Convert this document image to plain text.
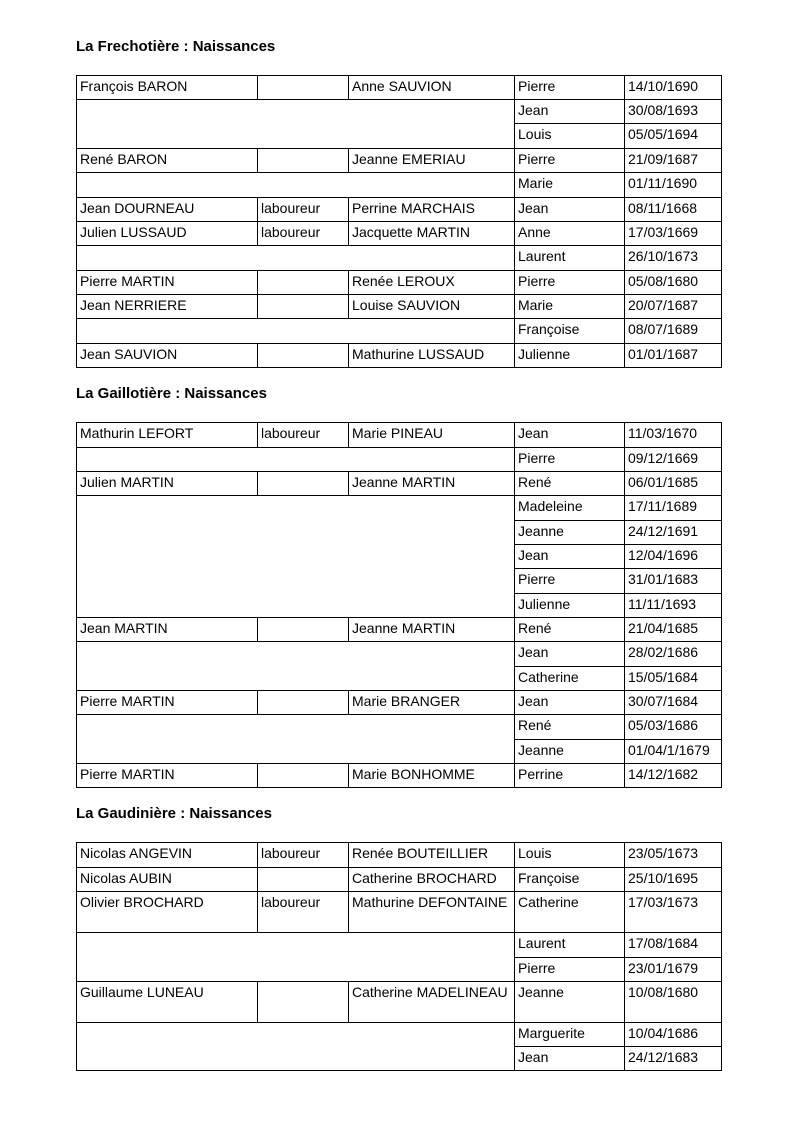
La Frechotière : Naissances
François BARON		Anne SAUVION	Pierre	14/10/1690
			Jean	30/08/1693
			Louis	05/05/1694
René BARON		Jeanne EMERIAU	Pierre	21/09/1687
			Marie	01/11/1690
Jean DOURNEAU	laboureur	Perrine MARCHAIS	Jean	08/11/1668
Julien LUSSAUD	laboureur	Jacquette MARTIN	Anne	17/03/1669
			Laurent	26/10/1673
Pierre MARTIN		Renée LEROUX	Pierre	05/08/1680
Jean NERRIERE		Louise SAUVION	Marie	20/07/1687
			Françoise	08/07/1689
Jean SAUVION		Mathurine LUSSAUD	Julienne	01/01/1687
La Gaillotière : Naissances
Mathurin LEFORT	laboureur	Marie PINEAU	Jean	11/03/1670
			Pierre	09/12/1669
Julien MARTIN		Jeanne MARTIN	René	06/01/1685
			Madeleine	17/11/1689
			Jeanne	24/12/1691
			Jean	12/04/1696
			Pierre	31/01/1683
			Julienne	11/11/1693
Jean MARTIN		Jeanne MARTIN	René	21/04/1685
			Jean	28/02/1686
			Catherine	15/05/1684
Pierre MARTIN		Marie BRANGER	Jean	30/07/1684
			René	05/03/1686
			Jeanne	01/04/1/1679
Pierre MARTIN		Marie BONHOMME	Perrine	14/12/1682
La Gaudinière : Naissances
Nicolas ANGEVIN	laboureur	Renée BOUTEILLIER	Louis	23/05/1673
Nicolas AUBIN		Catherine BROCHARD	Françoise	25/10/1695
Olivier BROCHARD	laboureur	Mathurine DEFONTAINE	Catherine	17/03/1673
			Laurent	17/08/1684
			Pierre	23/01/1679
Guillaume LUNEAU		Catherine MADELINEAU	Jeanne	10/08/1680
			Marguerite	10/04/1686
			Jean	24/12/1683
